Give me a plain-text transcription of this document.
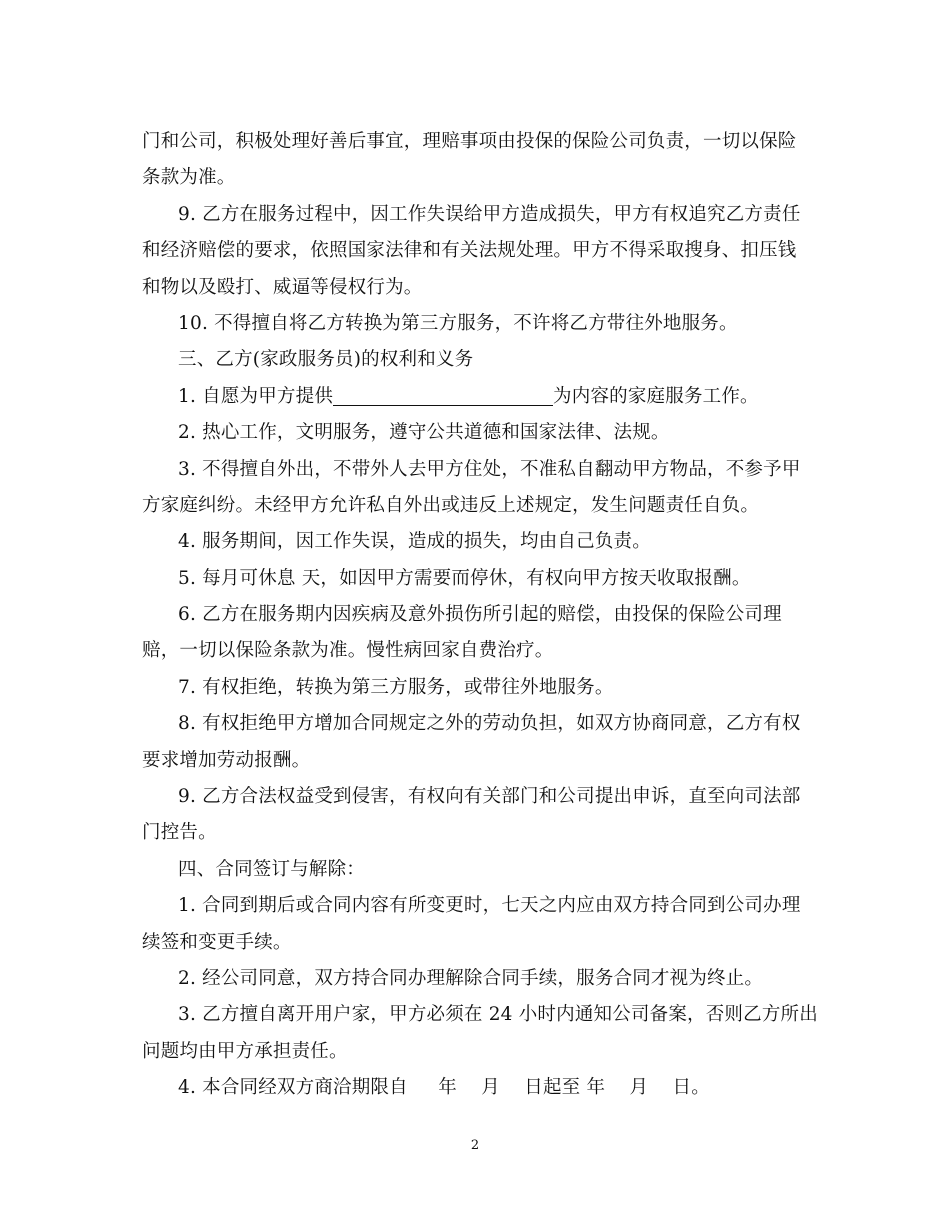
门和公司，积极处理好善后事宜，理赔事项由投保的保险公司负责，一切以保险
条款为准。
9. 乙方在服务过程中，因工作失误给甲方造成损失，甲方有权追究乙方责任
和经济赔偿的要求，依照国家法律和有关法规处理。甲方不得采取搜身、扣压钱
和物以及殴打、威逼等侵权行为。
10. 不得擅自将乙方转换为第三方服务，不许将乙方带往外地服务。
三、乙方(家政服务员)的权利和义务
1. 自愿为甲方提供	为内容的家庭服务工作。
2. 热心工作，文明服务，遵守公共道德和国家法律、法规。
3. 不得擅自外出，不带外人去甲方住处，不准私自翻动甲方物品，不参予甲
方家庭纠纷。未经甲方允许私自外出或违反上述规定，发生问题责任自负。
4. 服务期间，因工作失误，造成的损失，均由自己负责。
5. 每月可休息 天，如因甲方需要而停休，有权向甲方按天收取报酬。
6. 乙方在服务期内因疾病及意外损伤所引起的赔偿，由投保的保险公司理
赔，一切以保险条款为准。慢性病回家自费治疗。
7. 有权拒绝，转换为第三方服务，或带往外地服务。
8. 有权拒绝甲方增加合同规定之外的劳动负担，如双方协商同意，乙方有权
要求增加劳动报酬。
9. 乙方合法权益受到侵害，有权向有关部门和公司提出申诉，直至向司法部
门控告。
四、合同签订与解除：
1. 合同到期后或合同内容有所变更时，七天之内应由双方持合同到公司办理
续签和变更手续。
2. 经公司同意，双方持合同办理解除合同手续，服务合同才视为终止。
3. 乙方擅自离开用户家，甲方必须在 24 小时内通知公司备案，否则乙方所出
问题均由甲方承担责任。
4. 本合同经双方商洽期限自     年    月    日起至 年    月    日。
2
